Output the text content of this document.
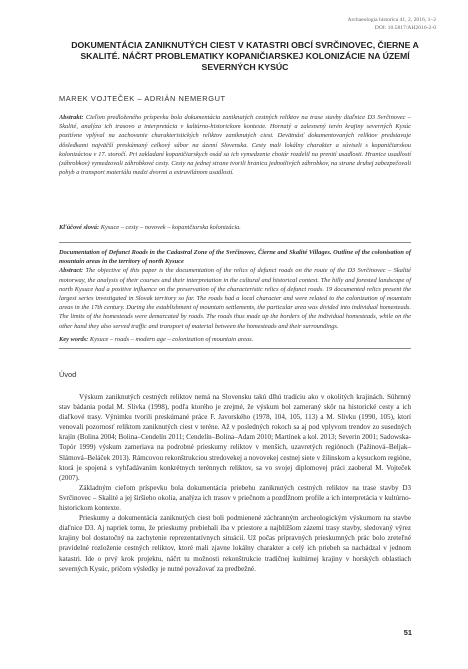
Archaeologia historica 41, 2, 2016, 1–2
DOI: 10.5817/AH2016-2-0
DOKUMENTÁCIA ZANIKNUTÝCH CIEST V KATASTRI OBCÍ SVRČINOVEC, ČIERNE A SKALITÉ. NÁČRT PROBLEMATIKY KOPANIČIARSKEJ KOLONIZÁCIE NA ÚZEMÍ SEVERNÝCH KYSÚC
MAREK VOJTEČEK – ADRIÁN NEMERGUT
Abstrakt: Cieľom predloženého príspevku bola dokumentácia zaniknutých cestných reliktov na trase stavby diaľnice D3 Svrčinovec – Skalité, analýza ich trasovo a interpretácia v kultúrno-historickom kontexte. Hornatý a zalesnený terén krajiny severných Kysúc pozitívne vplýval na zachovanie charakteristických reliktov zaniknutých ciest. Devätnásť dokumentovaných reliktov predstavuje dôsledkami najväčší preskúmaný celkový súbor na území Slovenska. Cesty mali lokálny charakter a súviseli s kopaničiarskou kolonizáciou v 17. storočí. Pri zakladaní kopaničiarskych osád sa ich vymedzenie chotár rozdelil na prenití usadlosti. Hranice usadlostí (záhrobkov) vymedzovali záhrobkové cesty. Cesty na jednej strane tvorili hranicu jednotlivých záhrobkov, na strane druhej zabezpečovali pohyb a transport materiálu medzi dvormi a extravilánom usadlostí.
Kľúčové slová: Kysuce – cesty – novovek – kopaničiarska kolonizácia.
Documentation of Defunct Roads in the Cadastral Zone of the Svrčinovec, Čierne and Skalité Villages. Outline of the colonisation of mountain areas in the territory of north Kysuce
Abstract: The objective of this paper is the documentation of the relics of defunct roads on the route of the D3 Svrčinovec – Skalité motorway, the analysis of their courses and their interpretation in the cultural and historical context. The hilly and forested landscape of north Kysuce had a positive influence on the preservation of the characteristic relics of defunct roads. 19 documented relics present the largest series investigated in Slovak territory so far. The roads had a local character and were related to the colonization of mountain areas in the 17th century. During the establishment of mountain settlements, the particular area was divided into individual homesteads. The limits of the homesteads were demarcated by roads. The roads thus made up the borders of the individual homesteads, while on the other hand they also served traffic and transport of material between the homesteads and their surroundings.
Key words: Kysuce – roads – modern age – colonization of mountain areas.
Úvod

Výskum zaniknutých cestných reliktov nemá na Slovensku takú dlhú tradíciu ako v okolitých krajinách. Súhrnný stav bádania podal M. Slivka (1998), podľa ktorého je zrejmé, že výskum bol zameraný skôr na historické cesty a ich diaľkové trasy. Výnimku tvorili preskúmané práce F. Javorského (1978, 104, 105, 113) a M. Slivku (1990, 105), ktorí venovali pozornosť reliktom zaniknutých ciest v teréne. Až v posledných rokoch sa aj pod vplyvom trendov zo susedných krajín (Bolina 2004; Bolina–Cendelín 2011; Cendelín–Bolina–Adam 2010; Martínek a kol. 2013; Severin 2001; Sadowska-Topór 1999) výskum zameriava na podrobné prieskumy reliktov v menších, uzavretých regiónoch (Pažinová–Beljak–Slámová–Beláček 2013). Rámcovou rekonštrukciou stredovekej a novovekej cestnej siete v žilinskom a kysuckom regióne, ktorá je spojená s vyhľadávaním konkrétnych terénnych reliktov, sa vo svojej diplomovej práci zaoberal M. Vojteček (2007).

Základným cieľom príspevku bola dokumentácia priebehu zaniknutých cestných reliktov na trase stavby D3 Svrčinovec – Skalité a jej širšieho okolia, analýza ich trasov v priečnom a pozdĺžnom profile a ich interpretácia v kultúrno-historickom kontexte.

Prieskumy a dokumentácia zaniknutých ciest boli podmienené záchranným archeologickým výskumom na stavbe diaľnice D3. Aj napriek tomu, že prieskumy prebiehali iba v priestore a najbližšom zázemí trasy stavby, sledovaný výrez krajiny bol dostatočný na zachytenie reprezentatívnych situácií. Už počas prípravných prieskumných prác bolo zreteľné pravidelné rozloženie cestných reliktov, ktoré mali zjavne lokálny charakter a celý ich priebeh sa nachádzal v jednom katastri. Ide o prvý krok projektu, náčrt tu možnosti rekonštrukcie tradičnej kultúrnej krajiny v horských oblastiach severných Kysúc, pričom výsledky je nutné považovať za predbežné.

51
